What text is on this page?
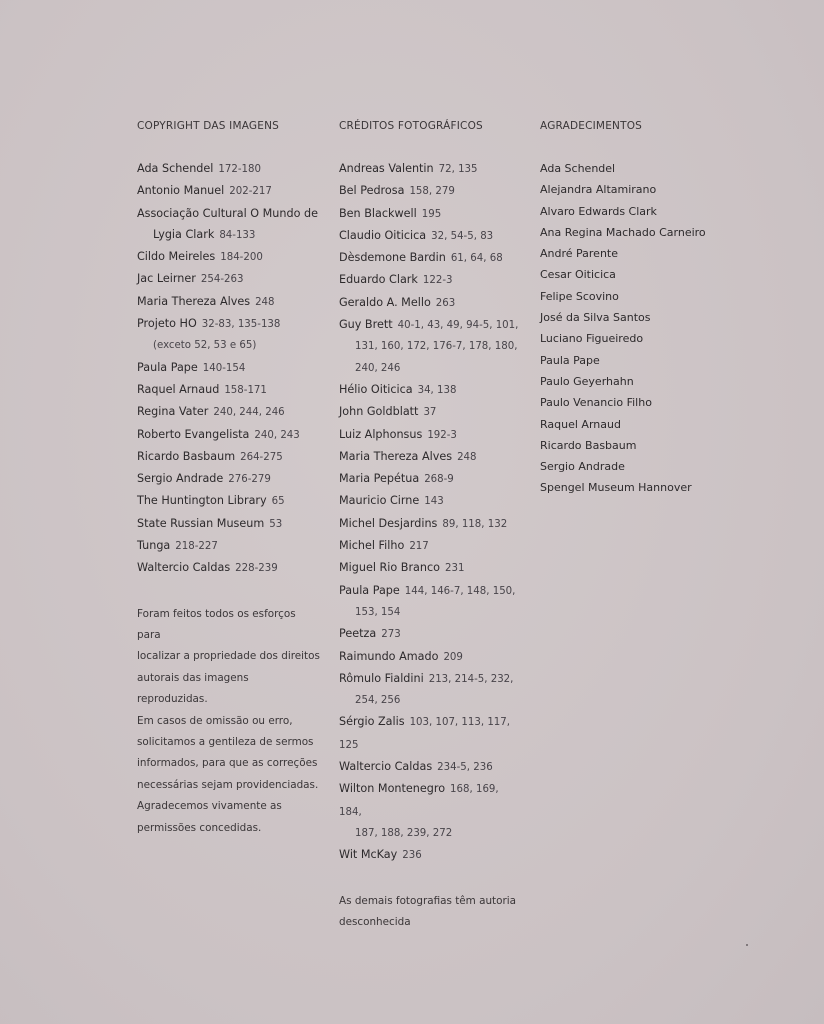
COPYRIGHT DAS IMAGENS
Ada Schendel 172-180
Antonio Manuel 202-217
Associação Cultural O Mundo de
Lygia Clark 84-133
Cildo Meireles 184-200
Jac Leirner 254-263
Maria Thereza Alves 248
Projeto HO 32-83, 135-138
(exceto 52, 53 e 65)
Paula Pape 140-154
Raquel Arnaud 158-171
Regina Vater 240, 244, 246
Roberto Evangelista 240, 243
Ricardo Basbaum 264-275
Sergio Andrade 276-279
The Huntington Library 65
State Russian Museum 53
Tunga 218-227
Waltercio Caldas 228-239
Foram feitos todos os esforços para
localizar a propriedade dos direitos
autorais das imagens reproduzidas.
Em casos de omissão ou erro,
solicitamos a gentileza de sermos
informados, para que as correções
necessárias sejam providenciadas.
Agradecemos vivamente as
permissões concedidas.
CRÉDITOS FOTOGRÁFICOS
Andreas Valentin 72, 135
Bel Pedrosa 158, 279
Ben Blackwell 195
Claudio Oiticica 32, 54-5, 83
Dèsdemone Bardin 61, 64, 68
Eduardo Clark 122-3
Geraldo A. Mello 263
Guy Brett 40-1, 43, 49, 94-5, 101,
131, 160, 172, 176-7, 178, 180,
240, 246
Hélio Oiticica 34, 138
John Goldblatt 37
Luiz Alphonsus 192-3
Maria Thereza Alves 248
Maria Pepétua 268-9
Mauricio Cirne 143
Michel Desjardins 89, 118, 132
Michel Filho 217
Miguel Rio Branco 231
Paula Pape 144, 146-7, 148, 150,
153, 154
Peetza 273
Raimundo Amado 209
Rômulo Fialdini 213, 214-5, 232,
254, 256
Sérgio Zalis 103, 107, 113, 117, 125
Waltercio Caldas 234-5, 236
Wilton Montenegro 168, 169, 184,
187, 188, 239, 272
Wit McKay 236
As demais fotografias têm autoria
desconhecida
AGRADECIMENTOS
Ada Schendel
Alejandra Altamirano
Alvaro Edwards Clark
Ana Regina Machado Carneiro
André Parente
Cesar Oiticica
Felipe Scovino
José da Silva Santos
Luciano Figueiredo
Paula Pape
Paulo Geyerhahn
Paulo Venancio Filho
Raquel Arnaud
Ricardo Basbaum
Sergio Andrade
Spengel Museum Hannover
